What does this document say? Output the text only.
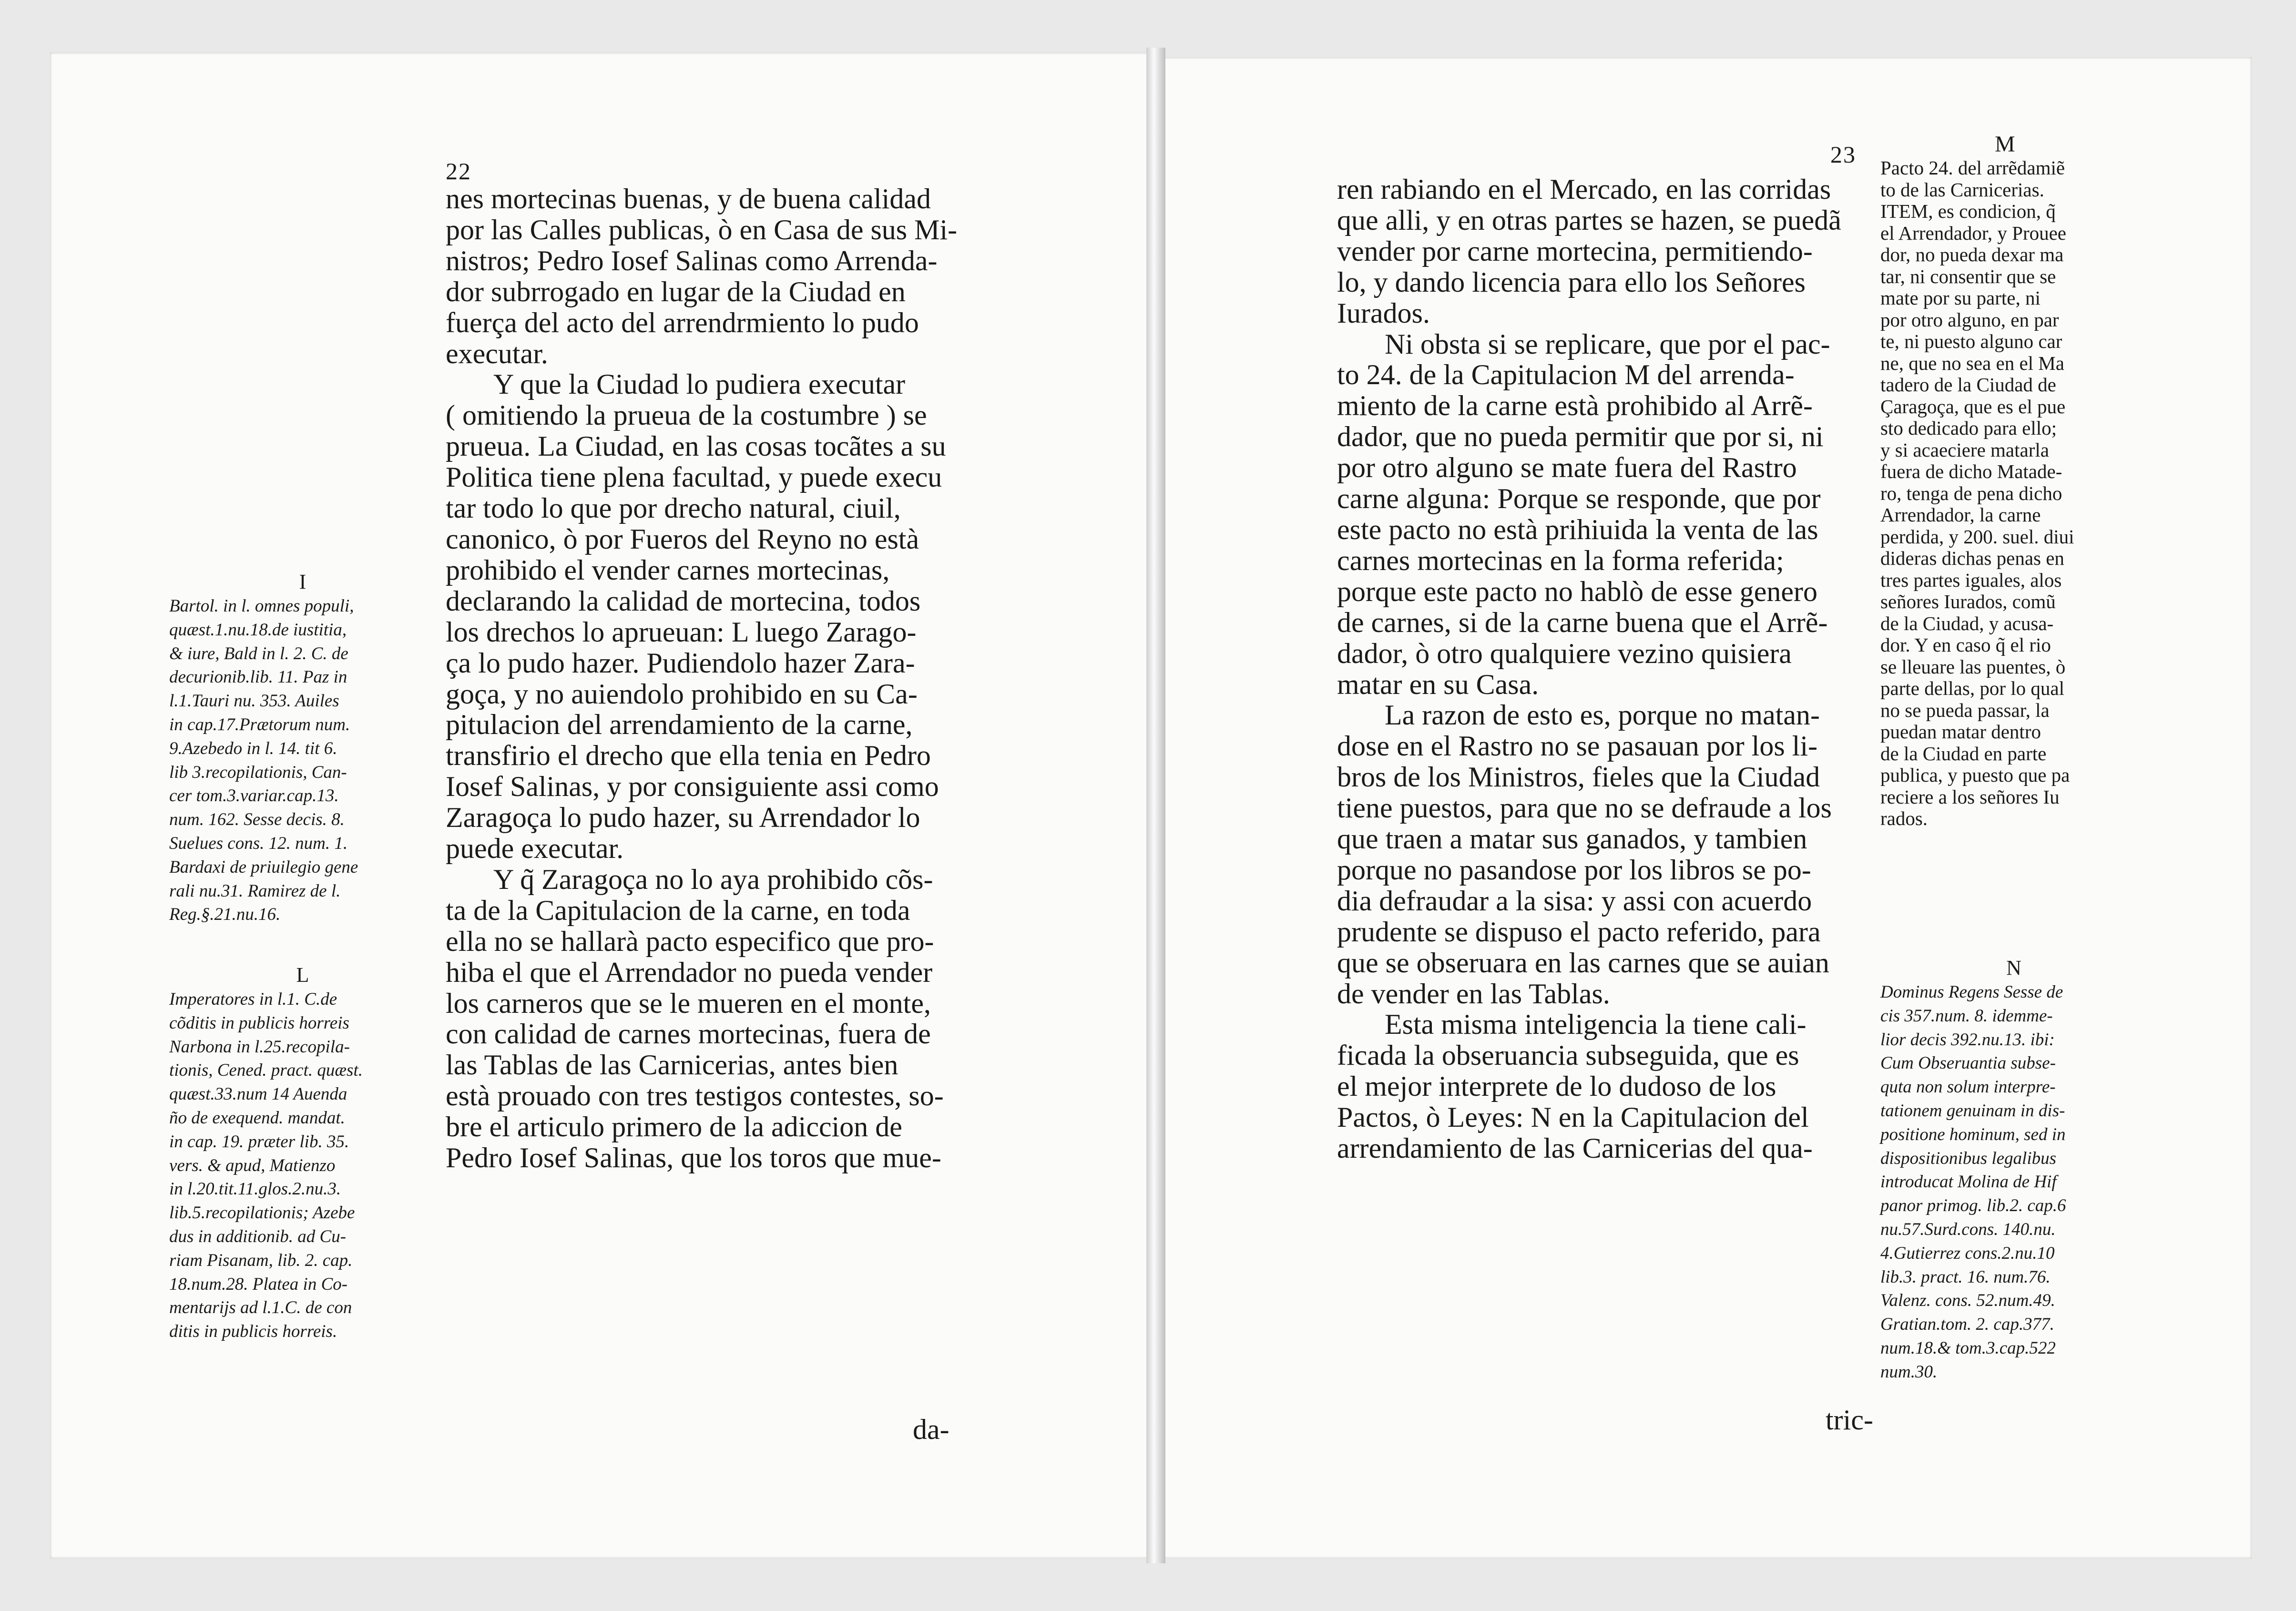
22

nes mortecinas buenas, y de buena calidad

por las Calles publicas, ò en Casa de sus Mi-

nistros; Pedro Iosef Salinas como Arrenda-

dor subrrogado en lugar de la Ciudad en

fuerça del acto del arrendrmiento lo pudo

executar.

Y que la Ciudad lo pudiera executar

( omitiendo la prueua de la costumbre ) se

prueua. La Ciudad, en las cosas tocãtes a su

Politica tiene plena facultad, y puede execu

tar todo lo que por drecho natural, ciuil,

canonico, ò por Fueros del Reyno no està

prohibido el vender carnes mortecinas,

declarando la calidad de mortecina, todos

los drechos lo aprueuan: L luego Zarago-

ça lo pudo hazer. Pudiendolo hazer Zara-

goça, y no auiendolo prohibido en su Ca-

pitulacion del arrendamiento de la carne,

transfirio el drecho que ella tenia en Pedro

Iosef Salinas, y por consiguiente assi como

Zaragoça lo pudo hazer, su Arrendador lo

puede executar.

Y q̃ Zaragoça no lo aya prohibido cõs-

ta de la Capitulacion de la carne, en toda

ella no se hallarà pacto especifico que pro-

hiba el que el Arrendador no pueda vender

los carneros que se le mueren en el monte,

con calidad de carnes mortecinas, fuera de

las Tablas de las Carnicerias, antes bien

està prouado con tres testigos contestes, so-

bre el articulo primero de la adiccion de

Pedro Iosef Salinas, que los toros que mue-

da-

I

Bartol. in l. omnes populi,

quæst.1.nu.18.de iustitia,

& iure, Bald in l. 2. C. de

decurionib.lib. 11. Paz in

l.1.Tauri nu. 353. Auiles

in cap.17.Prætorum num.

9.Azebedo in l. 14. tit 6.

lib 3.recopilationis, Can-

cer tom.3.variar.cap.13.

num. 162. Sesse decis. 8.

Suelues cons. 12. num. 1.

Bardaxi de priuilegio gene

rali nu.31. Ramirez de l.

Reg.§.21.nu.16.

L

Imperatores in l.1. C.de

cõditis in publicis horreis

Narbona in l.25.recopila-

tionis, Cened. pract. quæst.

quæst.33.num 14 Auenda

ño de exequend. mandat.

in cap. 19. præter lib. 35.

vers. & apud, Matienzo

in l.20.tit.11.glos.2.nu.3.

lib.5.recopilationis; Azebe

dus in additionib. ad Cu-

riam Pisanam, lib. 2. cap.

18.num.28. Platea in Co-

mentarijs ad l.1.C. de con

ditis in publicis horreis.

23	M

ren rabiando en el Mercado, en las corridas

que alli, y en otras partes se hazen, se puedã

vender por carne mortecina, permitiendo-

lo, y dando licencia para ello los Señores

Iurados.

Ni obsta si se replicare, que por el pac-

to 24. de la Capitulacion M del arrenda-

miento de la carne està prohibido al Arrẽ-

dador, que no pueda permitir que por si, ni

por otro alguno se mate fuera del Rastro

carne alguna: Porque se responde, que por

este pacto no està prihiuida la venta de las

carnes mortecinas en la forma referida;

porque este pacto no hablò de esse genero

de carnes, si de la carne buena que el Arrẽ-

dador, ò otro qualquiere vezino quisiera

matar en su Casa.

La razon de esto es, porque no matan-

dose en el Rastro no se pasauan por los li-

bros de los Ministros, fieles que la Ciudad

tiene puestos, para que no se defraude a los

que traen a matar sus ganados, y tambien

porque no pasandose por los libros se po-

dia defraudar a la sisa: y assi con acuerdo

prudente se dispuso el pacto referido, para

que se obseruara en las carnes que se auian

de vender en las Tablas.

Esta misma inteligencia la tiene cali-

ficada la obseruancia subseguida, que es

el mejor interprete de lo dudoso de los

Pactos, ò Leyes: N en la Capitulacion del

arrendamiento de las Carnicerias del qua-

tric-

Pacto 24. del arrẽdamiẽ

to de las Carnicerias.

ITEM, es condicion, q̃

el Arrendador, y Prouee

dor, no pueda dexar ma

tar, ni consentir que se

mate por su parte, ni

por otro alguno, en par

te, ni puesto alguno car

ne, que no sea en el Ma

tadero de la Ciudad de

Çaragoça, que es el pue

sto dedicado para ello;

y si acaeciere matarla

fuera de dicho Matade-

ro, tenga de pena dicho

Arrendador, la carne

perdida, y 200. suel. diui

dideras dichas penas en

tres partes iguales, alos

señores Iurados, comũ

de la Ciudad, y acusa-

dor. Y en caso q̃ el rio

se lleuare las puentes, ò

parte dellas, por lo qual

no se pueda passar, la

puedan matar dentro

de la Ciudad en parte

publica, y puesto que pa

reciere a los señores Iu

rados.

N

Dominus Regens Sesse de

cis 357.num. 8. idemme-

lior decis 392.nu.13. ibi:

Cum Obseruantia subse-

quta non solum interpre-

tationem genuinam in dis-

positione hominum, sed in

dispositionibus legalibus

introducat Molina de Hif

panor primog. lib.2. cap.6

nu.57.Surd.cons. 140.nu.

4.Gutierrez cons.2.nu.10

lib.3. pract. 16. num.76.

Valenz. cons. 52.num.49.

Gratian.tom. 2. cap.377.

num.18.& tom.3.cap.522

num.30.
